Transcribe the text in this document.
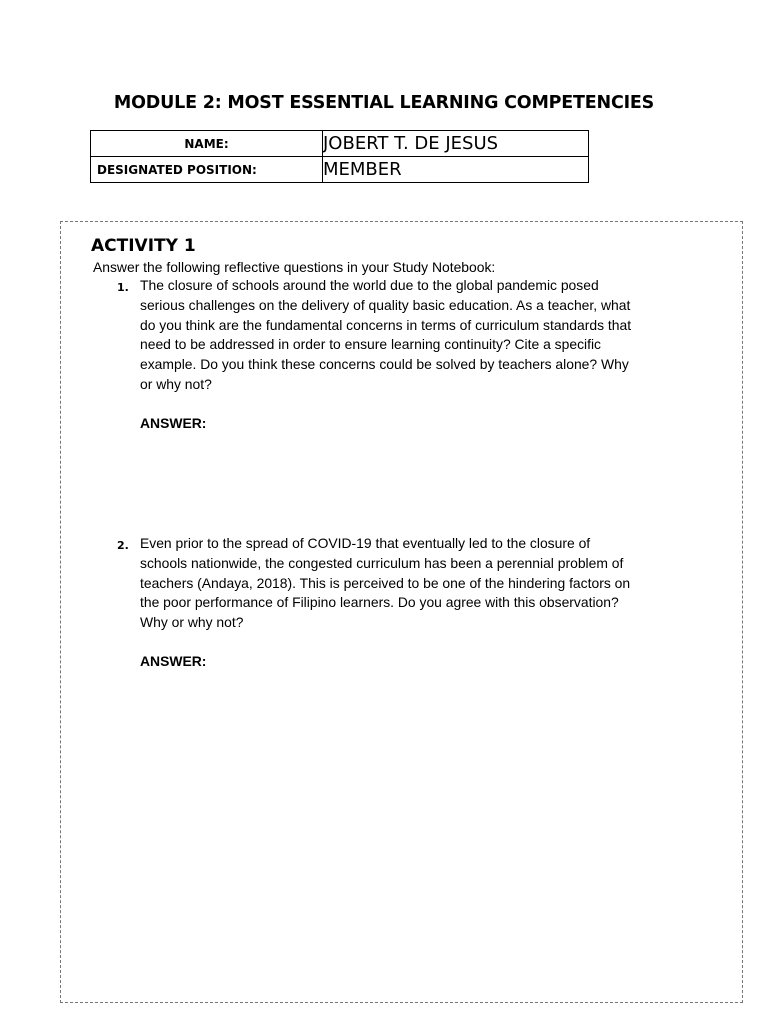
MODULE 2: MOST ESSENTIAL LEARNING COMPETENCIES
NAME:	JOBERT T. DE JESUS
DESIGNATED POSITION:	MEMBER
ACTIVITY 1
Answer the following reflective questions in your Study Notebook:
1. The closure of schools around the world due to the global pandemic posed
serious challenges on the delivery of quality basic education. As a teacher, what
do you think are the fundamental concerns in terms of curriculum standards that
need to be addressed in order to ensure learning continuity? Cite a specific
example. Do you think these concerns could be solved by teachers alone? Why
or why not?
ANSWER:
2. Even prior to the spread of COVID-19 that eventually led to the closure of
schools nationwide, the congested curriculum has been a perennial problem of
teachers (Andaya, 2018). This is perceived to be one of the hindering factors on
the poor performance of Filipino learners. Do you agree with this observation?
Why or why not?
ANSWER:
